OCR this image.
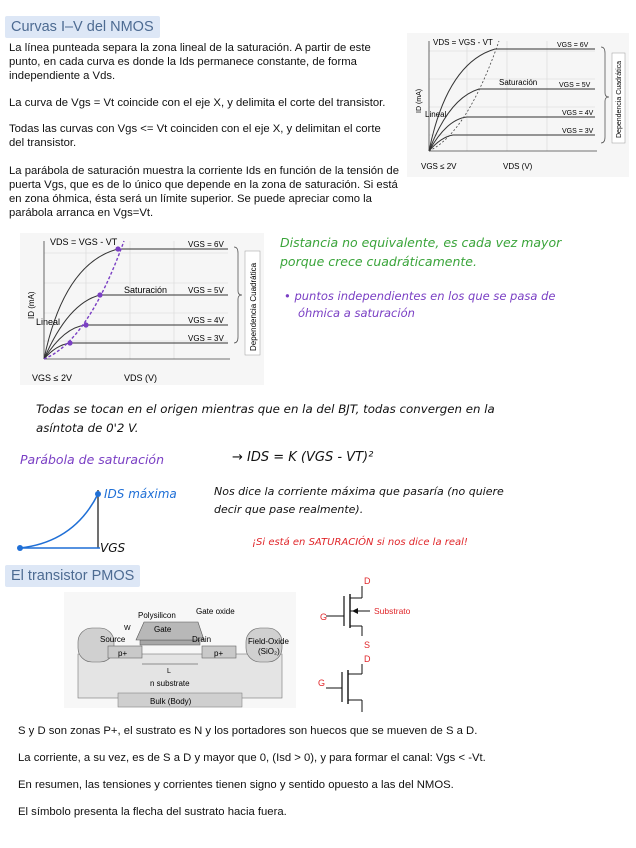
Curvas I–V del NMOS

La línea punteada separa la zona lineal de la saturación. A partir de este punto, en cada curva es donde la Ids permanece constante, de forma independiente a Vds.

La curva de Vgs = Vt coincide con el eje X, y delimita el corte del transistor.

Todas las curvas con Vgs <= Vt coinciden con el eje X, y delimitan el corte del transistor.

La parábola de saturación muestra la corriente Ids en función de la tensión de puerta Vgs, que es de lo único que depende en la zona de saturación. Si está en zona óhmica, ésta será un límite superior. Se puede apreciar como la parábola arranca en Vgs=Vt.

VDS = VGS - VT	VGS = 6V
VGS = 5V
VGS = 4V
VGS = 3V
Saturación
Lineal
ID (mA)
VGS ≤ 2V	VDS (V)
Dependencia Cuadrática
VDS = VGS - VT	VGS = 6V
VGS = 5V
VGS = 4V
VGS = 3V
Saturación
Lineal
ID (mA)
VGS ≤ 2V	VDS (V)
Dependencia Cuadrática

Distancia no equivalente, es cada vez mayor

porque crece cuadráticamente.

• puntos independientes en los que se pasa de

óhmica a saturación

Todas se tocan en el origen mientras que en la del BJT, todas convergen en la

asíntota de 0'2 V.

Parábola de saturación	→ IDS = K (VGS - VT)²

IDS máxima

VGS

Nos dice la corriente máxima que pasaría (no quiere

decir que pase realmente).

¡Si está en SATURACIÓN si nos dice la real!

El transistor PMOS
Polysilicon
Gate
Gate oxide
W
Source	Drain	Field-Oxide
(SiO₂)
p+	p+
L
n substrate
Bulk (Body)
D
G
Substrato
S
D
G

S y D son zonas P+, el sustrato es N y los portadores son huecos que se mueven de S a D.

La corriente, a su vez, es de S a D y mayor que 0, (Isd > 0), y para formar el canal: Vgs < -Vt.

En resumen, las tensiones y corrientes tienen signo y sentido opuesto a las del NMOS.

El símbolo presenta la flecha del sustrato hacia fuera.
